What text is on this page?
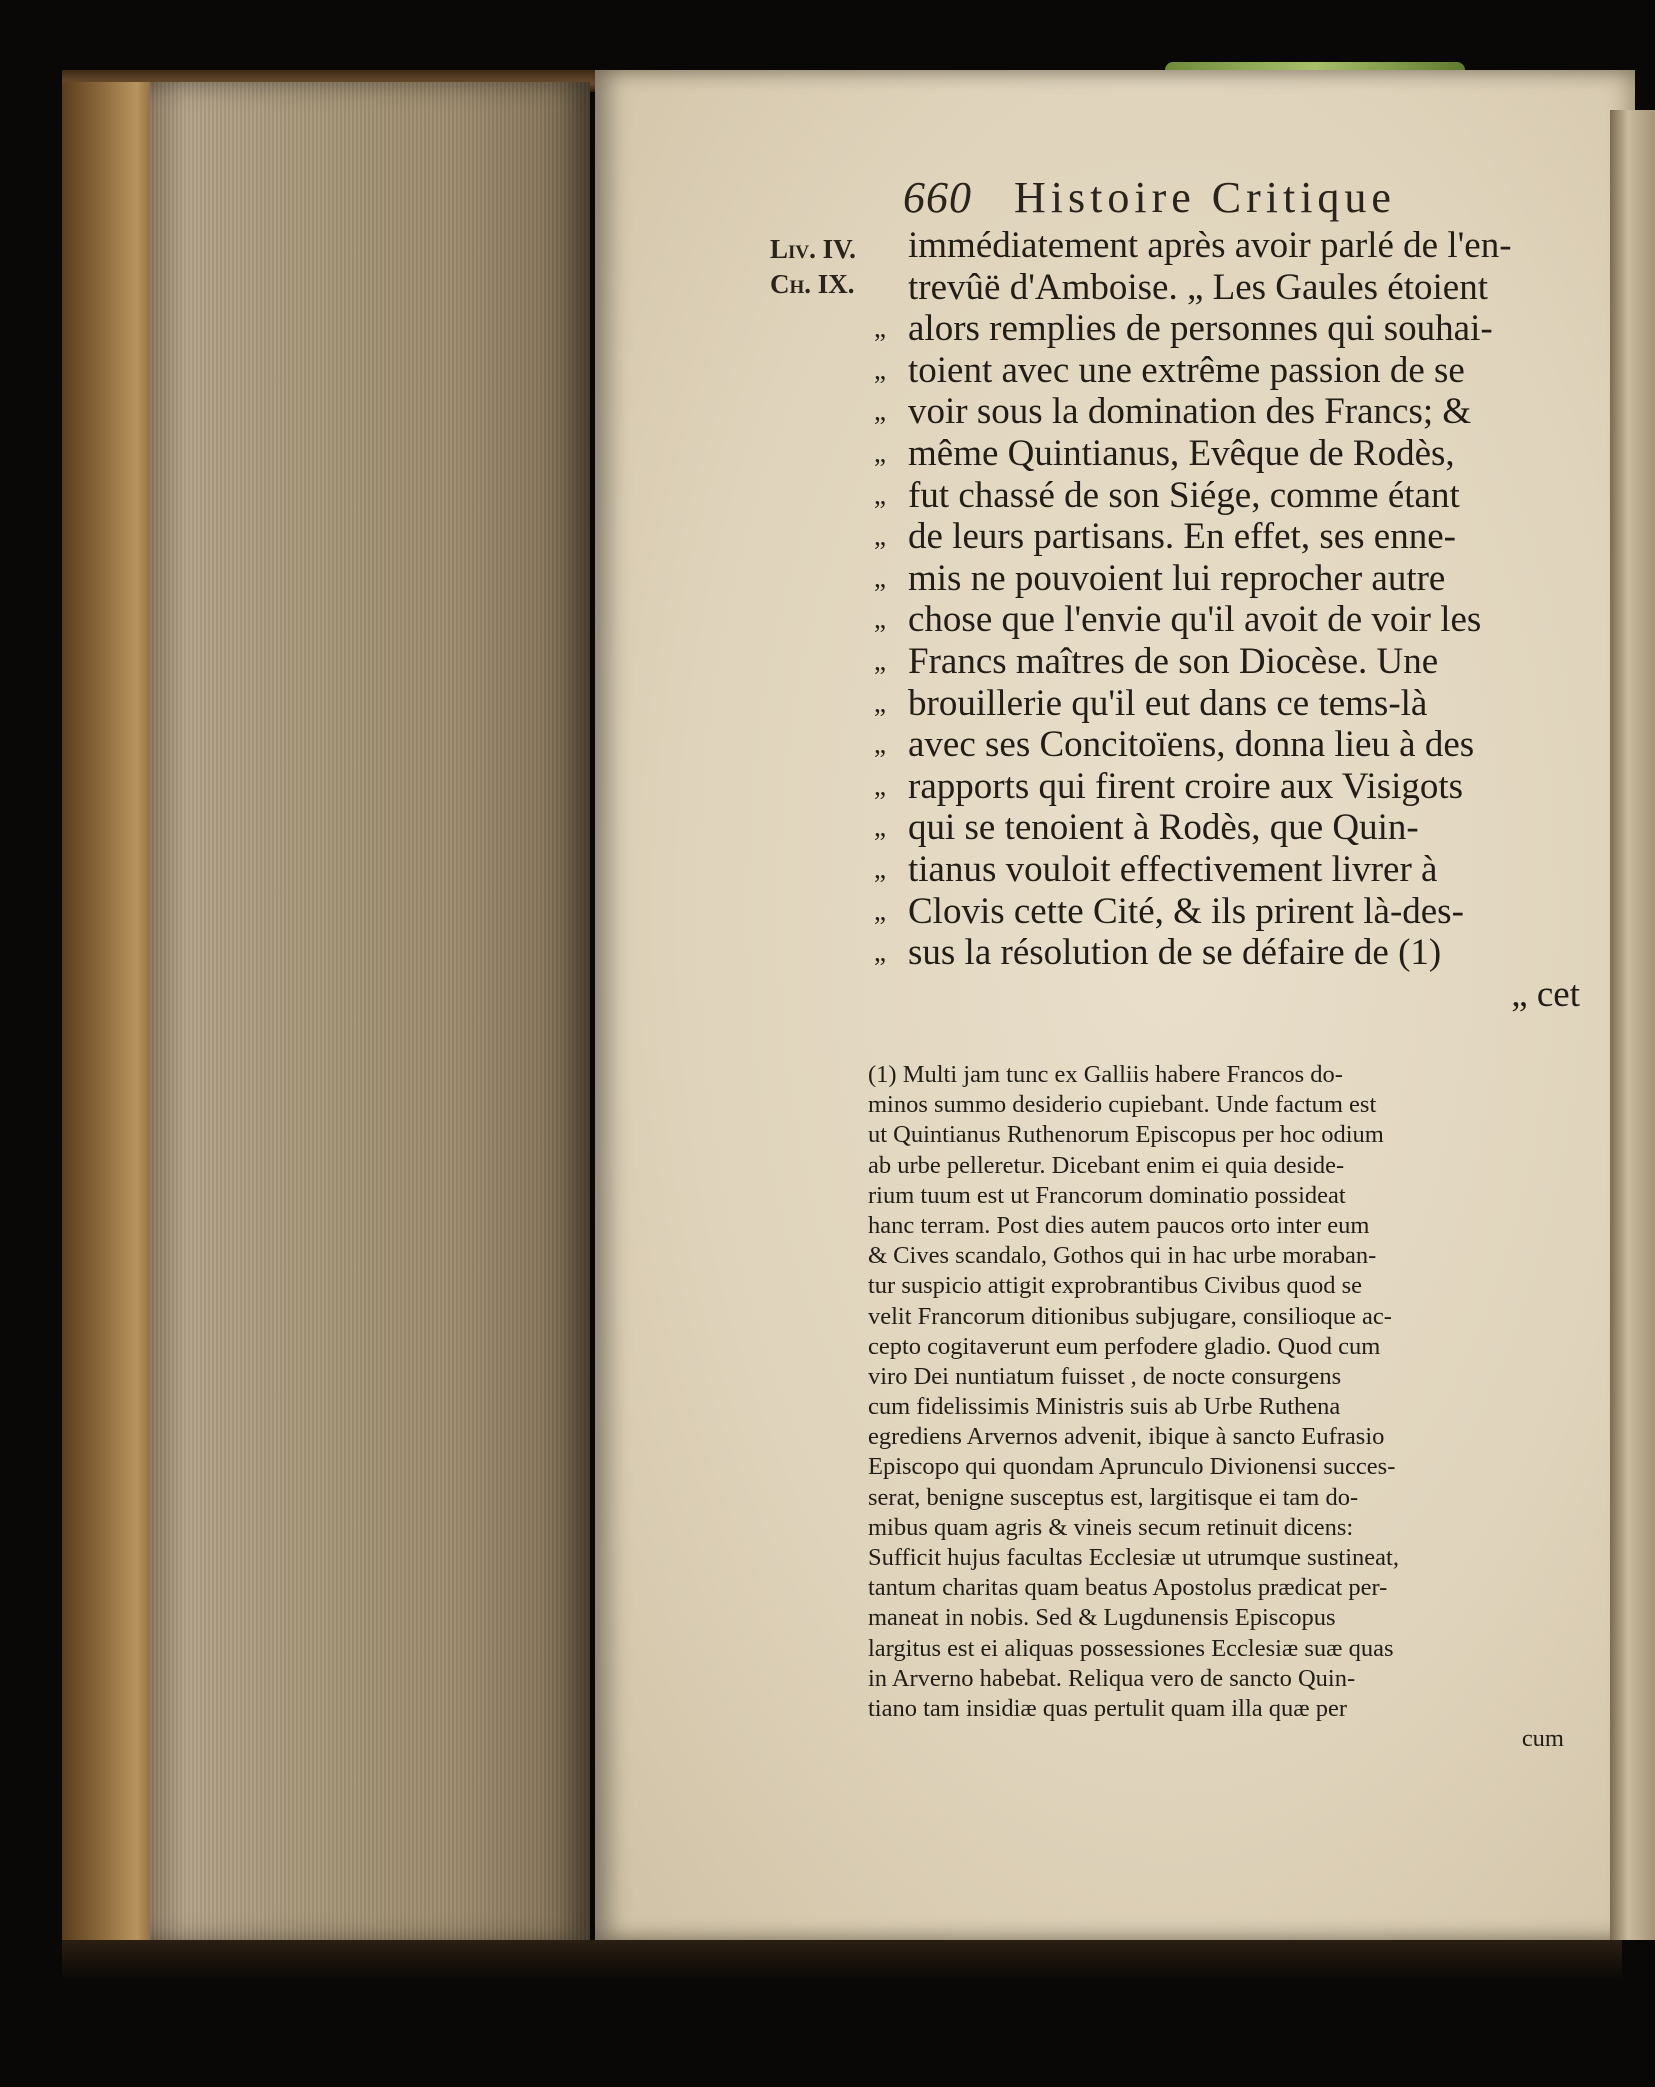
660 Histoire Critique
Liv. IV.
Ch. IX.
immédiatement après avoir parlé de l'en-
trevûë d'Amboise. „ Les Gaules étoient
„ alors remplies de personnes qui souhai-
„ toient avec une extrême passion de se
„ voir sous la domination des Francs; &
„ même Quintianus, Evêque de Rodès,
„ fut chassé de son Siége, comme étant
„ de leurs partisans. En effet, ses enne-
„ mis ne pouvoient lui reprocher autre
„ chose que l'envie qu'il avoit de voir les
„ Francs maîtres de son Diocèse. Une
„ brouillerie qu'il eut dans ce tems-là
„ avec ses Concitoïens, donna lieu à des
„ rapports qui firent croire aux Visigots
„ qui se tenoient à Rodès, que Quin-
„ tianus vouloit effectivement livrer à
„ Clovis cette Cité, & ils prirent là-des-
„ sus la résolution de se défaire de (1)
„ cet
(1) Multi jam tunc ex Galliis habere Francos do-
minos summo desiderio cupiebant. Unde factum est
ut Quintianus Ruthenorum Episcopus per hoc odium
ab urbe pelleretur. Dicebant enim ei quia deside-
rium tuum est ut Francorum dominatio possideat
hanc terram. Post dies autem paucos orto inter eum
& Cives scandalo, Gothos qui in hac urbe moraban-
tur suspicio attigit exprobrantibus Civibus quod se
velit Francorum ditionibus subjugare, consilioque ac-
cepto cogitaverunt eum perfodere gladio. Quod cum
viro Dei nuntiatum fuisset , de nocte consurgens
cum fidelissimis Ministris suis ab Urbe Ruthena
egrediens Arvernos advenit, ibique à sancto Eufrasio
Episcopo qui quondam Aprunculo Divionensi succes-
serat, benigne susceptus est, largitisque ei tam do-
mibus quam agris & vineis secum retinuit dicens:
Sufficit hujus facultas Ecclesiæ ut utrumque sustineat,
tantum charitas quam beatus Apostolus prædicat per-
maneat in nobis. Sed & Lugdunensis Episcopus
largitus est ei aliquas possessiones Ecclesiæ suæ quas
in Arverno habebat. Reliqua vero de sancto Quin-
tiano tam insidiæ quas pertulit quam illa quæ per
cum
